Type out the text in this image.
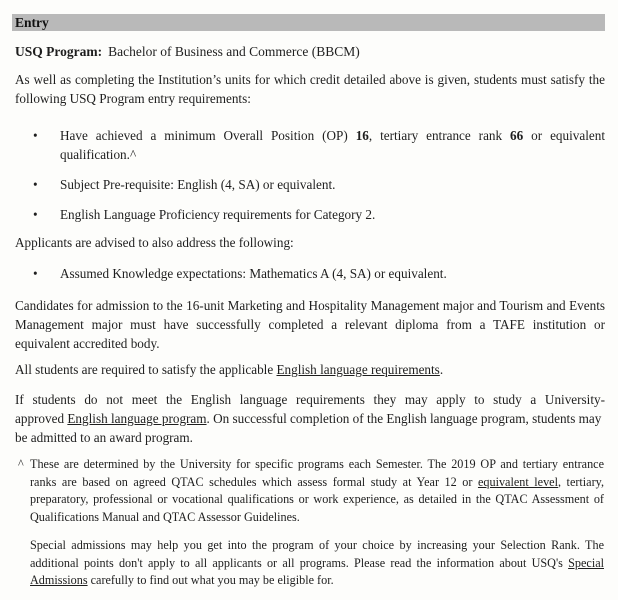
Entry
USQ Program: Bachelor of Business and Commerce (BBCM)
As well as completing the Institution’s units for which credit detailed above is given, students must satisfy the
following USQ Program entry requirements:
• Have achieved a minimum Overall Position (OP) 16, tertiary entrance rank 66 or equivalent
qualification.^
• Subject Pre-requisite: English (4, SA) or equivalent.
• English Language Proficiency requirements for Category 2.
Applicants are advised to also address the following:
• Assumed Knowledge expectations: Mathematics A (4, SA) or equivalent.
Candidates for admission to the 16-unit Marketing and Hospitality Management major and Tourism and Events
Management major must have successfully completed a relevant diploma from a TAFE institution or
equivalent accredited body.
All students are required to satisfy the applicable English language requirements.
If students do not meet the English language requirements they may apply to study a University-
approved English language program. On successful completion of the English language program, students may
be admitted to an award program.
^ These are determined by the University for specific programs each Semester. The 2019 OP and tertiary entrance
ranks are based on agreed QTAC schedules which assess formal study at Year 12 or equivalent level, tertiary,
preparatory, professional or vocational qualifications or work experience, as detailed in the QTAC Assessment of
Qualifications Manual and QTAC Assessor Guidelines.
Special admissions may help you get into the program of your choice by increasing your Selection Rank. The
additional points don't apply to all applicants or all programs. Please read the information about USQ's Special
Admissions carefully to find out what you may be eligible for.
